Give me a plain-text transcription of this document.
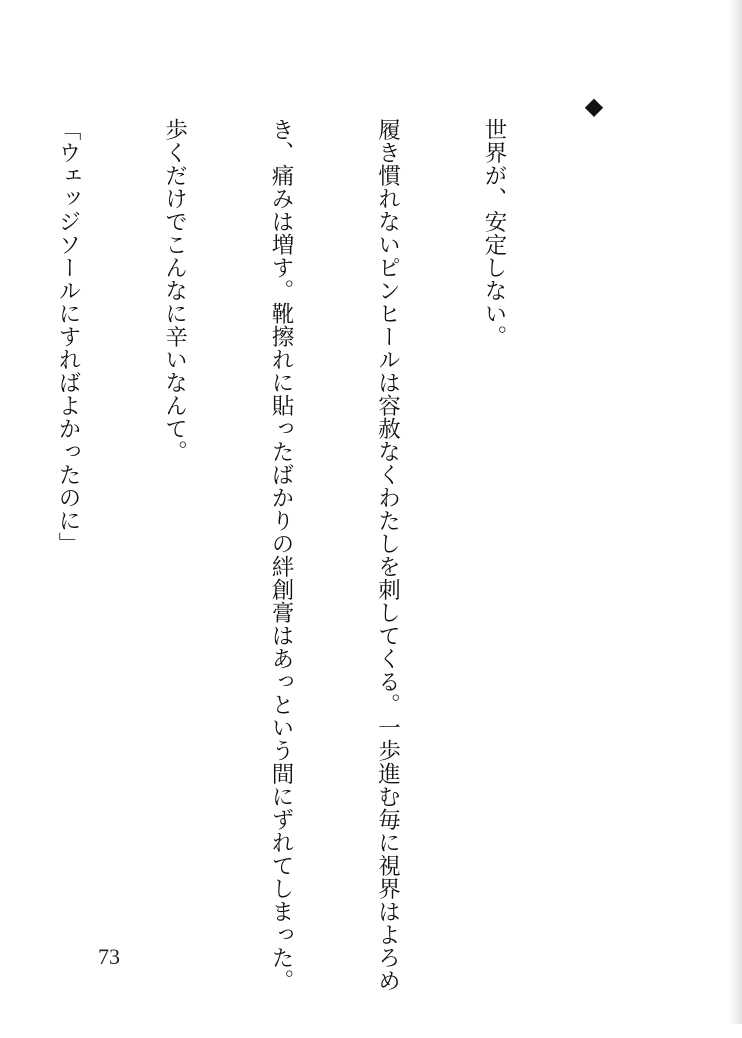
◆

世界が、安定しない。

履き慣れないピンヒールは容赦なくわたしを刺してくる。一歩進む毎に視界はよろめ

き、痛みは増す。靴擦れに貼ったばかりの絆創膏はあっという間にずれてしまった。

歩くだけでこんなに辛いなんて。

「ウェッジソールにすればよかったのに」

73
